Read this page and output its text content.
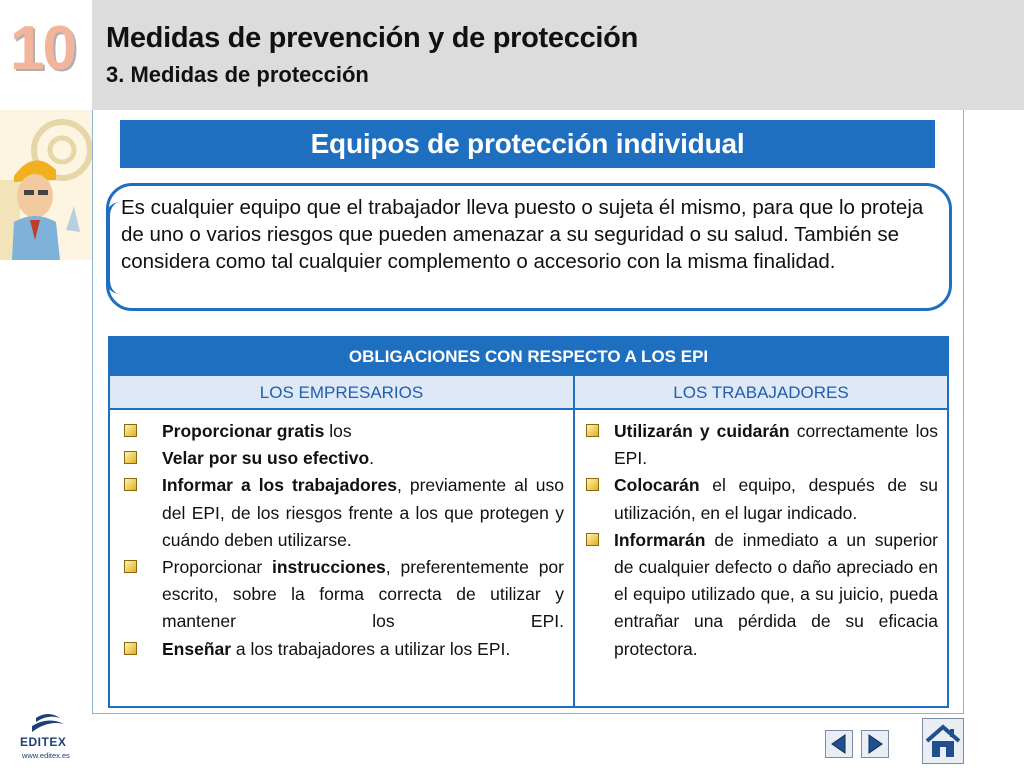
10 Medidas de prevención y de protección
3. Medidas de protección
Equipos de protección individual
Es cualquier equipo que el trabajador lleva puesto o sujeta él mismo, para que lo proteja de uno o varios riesgos que pueden amenazar a su seguridad o su salud. También se considera como tal cualquier complemento o accesorio con la misma finalidad.
OBLIGACIONES CON RESPECTO A LOS EPI
LOS EMPRESARIOS	LOS TRABAJADORES
Proporcionar gratis los
Velar por su uso efectivo.
Informar a los trabajadores, previamente al uso del EPI, de los riesgos frente a los que protegen y cuándo deben utilizarse.
Proporcionar instrucciones, preferentemente por escrito, sobre la forma correcta de utilizar y mantener los EPI.
Enseñar a los trabajadores a utilizar los EPI.
Utilizarán y cuidarán correctamente los EPI.
Colocarán el equipo, después de su utilización, en el lugar indicado.
Informarán de inmediato a un superior de cualquier defecto o daño apreciado en el equipo utilizado que, a su juicio, pueda entrañar una pérdida de su eficacia protectora.
EDITEX
www.editex.es
